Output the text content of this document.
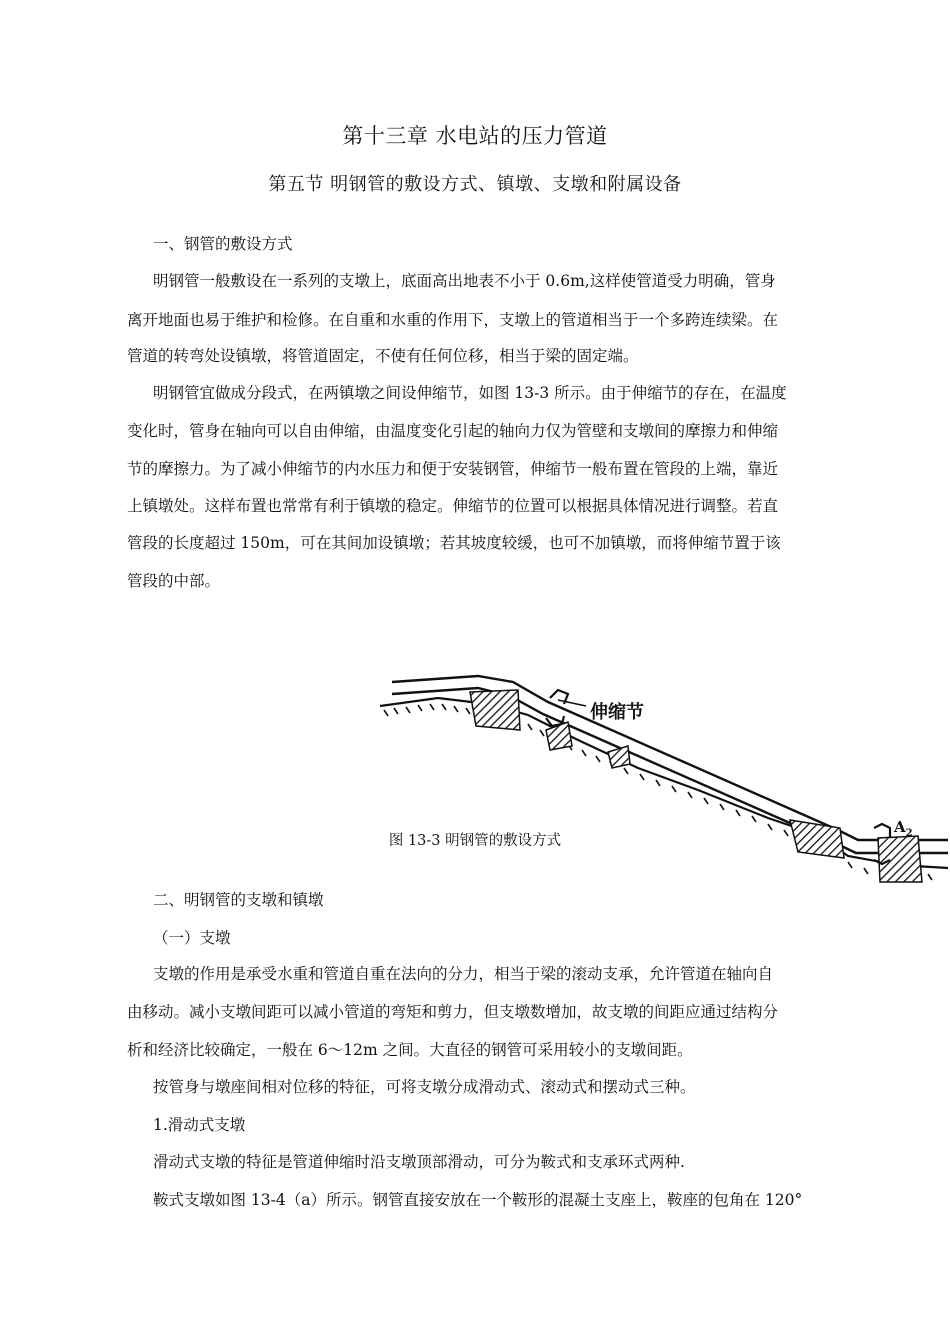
第十三章 水电站的压力管道
第五节 明钢管的敷设方式、镇墩、支墩和附属设备
一、钢管的敷设方式
明钢管一般敷设在一系列的支墩上，底面高出地表不小于 0.6m,这样使管道受力明确，管身
离开地面也易于维护和检修。在自重和水重的作用下，支墩上的管道相当于一个多跨连续梁。在
管道的转弯处设镇墩，将管道固定，不使有任何位移，相当于梁的固定端。
明钢管宜做成分段式，在两镇墩之间设伸缩节，如图 13-3 所示。由于伸缩节的存在，在温度
变化时，管身在轴向可以自由伸缩，由温度变化引起的轴向力仅为管壁和支墩间的摩擦力和伸缩
节的摩擦力。为了减小伸缩节的内水压力和便于安装钢管，伸缩节一般布置在管段的上端，靠近
上镇墩处。这样布置也常常有利于镇墩的稳定。伸缩节的位置可以根据具体情况进行调整。若直
管段的长度超过 150m，可在其间加设镇墩；若其坡度较缓，也可不加镇墩，而将伸缩节置于该
管段的中部。
伸缩节
$A_2$
图 13-3 明钢管的敷设方式
二、明钢管的支墩和镇墩
（一）支墩
支墩的作用是承受水重和管道自重在法向的分力，相当于梁的滚动支承，允许管道在轴向自
由移动。减小支墩间距可以减小管道的弯矩和剪力，但支墩数增加，故支墩的间距应通过结构分
析和经济比较确定，一般在 6～12m 之间。大直径的钢管可采用较小的支墩间距。
按管身与墩座间相对位移的特征，可将支墩分成滑动式、滚动式和摆动式三种。
1.滑动式支墩
滑动式支墩的特征是管道伸缩时沿支墩顶部滑动，可分为鞍式和支承环式两种.
鞍式支墩如图 13-4（a）所示。钢管直接安放在一个鞍形的混凝土支座上，鞍座的包角在 120°
